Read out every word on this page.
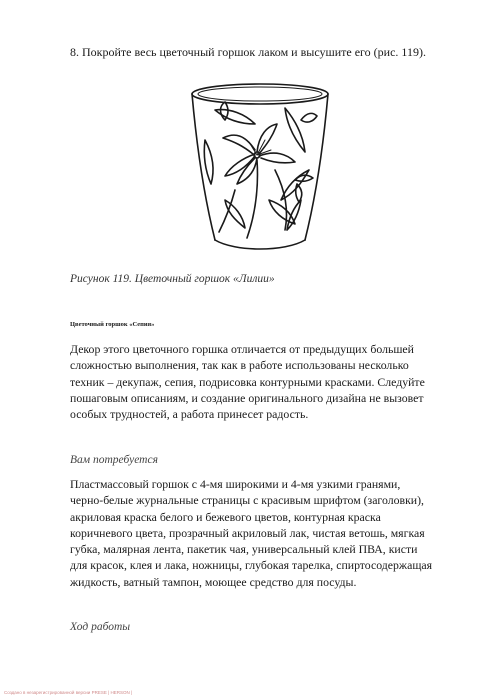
8. Покройте весь цветочный горшок лаком и высушите его (рис. 119).
Рисунок 119. Цветочный горшок «Лилии»
Цветочный горшок «Сепия»
Декор этого цветочного горшка отличается от предыдущих большей сложностью выполнения, так как в работе использованы несколько техник – декупаж, сепия, подрисовка контурными красками. Следуйте пошаговым описаниям, и создание оригинального дизайна не вызовет особых трудностей, а работа принесет радость.
Вам потребуется
Пластмассовый горшок с 4-мя широкими и 4-мя узкими гранями, черно-белые журнальные страницы с красивым шрифтом (заголовки), акриловая краска белого и бежевого цветов, контурная краска коричневого цвета, прозрачный акриловый лак, чистая ветошь, мягкая губка, малярная лента, пакетик чая, универсальный клей ПВА, кисти для красок, клея и лака, ножницы, глубокая тарелка, спиртосодержащая жидкость, ватный тампон, моющее средство для посуды.
Ход работы
Создано в незарегистрированной версии PRESE | HERSON |
